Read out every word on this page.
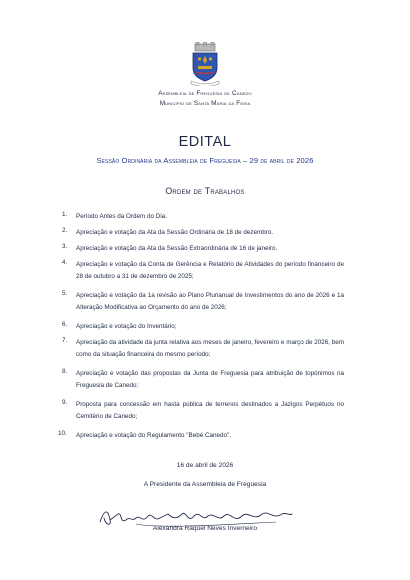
Assembleia de Freguesia de Canedo
Município de Santa Maria da Feira
EDITAL
Sessão Ordinária da Assembleia de Freguesia – 29 de abril de 2026
Ordem de Trabalhos
1.	Período Antes da Ordem do Dia.
2.	Apreciação e votação da Ata da Sessão Ordinária de 18 de dezembro.
3.	Apreciação e votação da Ata da Sessão Extraordinária de 16 de janeiro.
4.	Apreciação e votação da Conta de Gerência e Relatório de Atividades do período financeiro de 28 de outubro a 31 de dezembro de 2025;
5.	Apreciação e votação da 1a revisão ao Plano Plurianual de Investimentos do ano de 2026 e 1a Alteração Modificativa ao Orçamento do ano de 2026;
6.	Apreciação e votação do Inventário;
7.	Apreciação da atividade da junta relativa aos meses de janeiro, fevereiro e março de 2026, bem como da situação financeira do mesmo período;
8.	Apreciação e votação das propostas da Junta de Freguesia para atribuição de topónimos na Freguesia de Canedo;
9.	Proposta para concessão em hasta pública de terrenos destinados a Jazigos Perpétuos no Cemitério de Canedo;
10.	Apreciação e votação do Regulamento "Bebé Canedo".
16 de abril de 2026
A Presidente da Assembleia de Freguesia
Alexandra Raquel Neves Inverneiro
